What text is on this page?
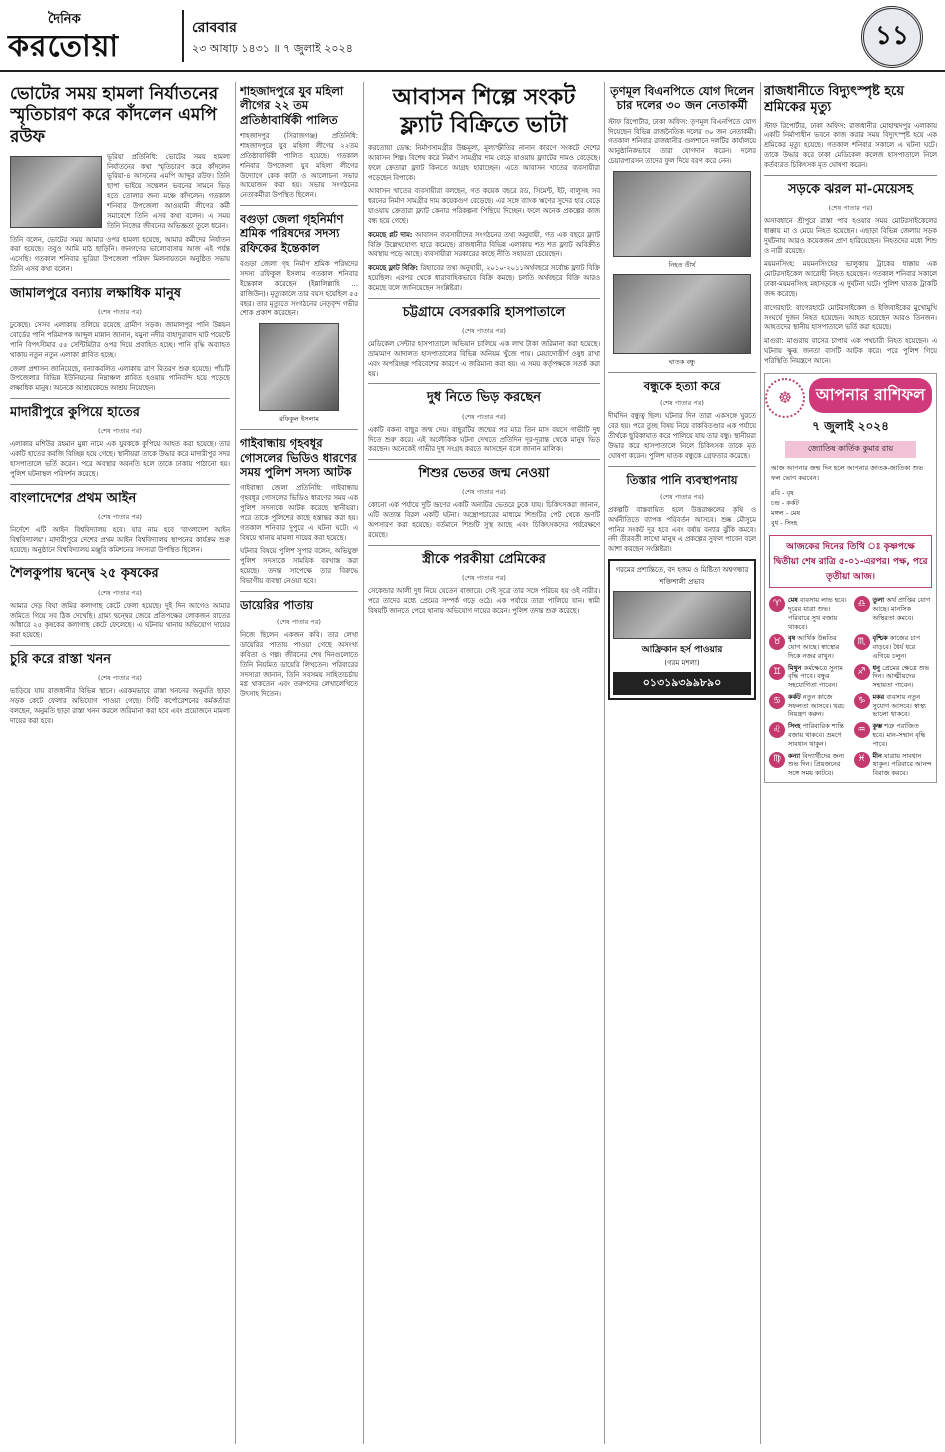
দৈনিক
করতোয়া
রোববার
২৩ আষাঢ় ১৪৩১ ॥ ৭ জুলাই ২০২৪	১১
ভোটের সময় হামলা নির্যাতনের স্মৃতিচারণ করে কাঁদলেন এমপি রউফ
ভূরিয়া প্রতিনিধি: ভোটের সময় হামলা নির্যাতনের কথা স্মৃতিচারণ করে কাঁদলেন ভূরিয়া-৪ আসনের এমপি আব্দুর রউফ। তিনি ছাপা ভাইয়ে সম্মেলন ভবনের সামনে ভিড় হতে তোলার জন্য মঞ্চে কাঁদলেন। গতকাল শনিবার উপজেলা আওয়ামী লীগের কর্মী সমাবেশে তিনি এসব কথা বলেন। এ সময় তিনি নিজের জীবনের অভিজ্ঞতা তুলে ধরেন।
তিনি বলেন, ভোটের সময় আমার ওপর হামলা হয়েছে, আমার কর্মীদের নির্যাতন করা হয়েছে। তবুও আমি মাঠ ছাড়িনি। জনগণের ভালোবাসায় আজ এই পর্যন্ত এসেছি। গতকাল শনিবার ভূরিয়া উপজেলা পরিষদ মিলনায়তনে অনুষ্ঠিত সভায় তিনি এসব কথা বলেন।
জামালপুরে বন্যায় লক্ষাধিক মানুষ
(শেষ পাতার পর)
ঢুকেছে। সেসব এলাকায় তলিয়ে রয়েছে গ্রামীণ সড়ক। জামালপুর পানি উন্নয়ন বোর্ডের পানি পরিমাপক আব্দুল মান্নান জানান, যমুনা নদীর বাহাদুরাবাদ ঘাট পয়েন্টে পানি বিপৎসীমার ৫৫ সেন্টিমিটার ওপর দিয়ে প্রবাহিত হচ্ছে। পানি বৃদ্ধি অব্যাহত থাকায় নতুন নতুন এলাকা প্লাবিত হচ্ছে।
জেলা প্রশাসন জানিয়েছে, বন্যাকবলিত এলাকায় ত্রাণ বিতরণ শুরু হয়েছে। পাঁচটি উপজেলার বিভিন্ন ইউনিয়নের নিম্নাঞ্চল প্লাবিত হওয়ায় পানিবন্দি হয়ে পড়েছে লক্ষাধিক মানুষ। অনেকে আশ্রয়কেন্দ্রে আশ্রয় নিয়েছেন।
মাদারীপুরে কুপিয়ে হাতের
(শেষ পাতার পর)
এলাকার মশিউর রহমান মুন্না নামে এক যুবককে কুপিয়ে আহত করা হয়েছে। তার একটি হাতের কবজি বিচ্ছিন্ন হয়ে গেছে। স্থানীয়রা তাকে উদ্ধার করে মাদারীপুর সদর হাসপাতালে ভর্তি করেন। পরে অবস্থার অবনতি হলে তাকে ঢাকায় পাঠানো হয়। পুলিশ ঘটনাস্থল পরিদর্শন করেছে।
বাংলাদেশের প্রথম আইন
(শেষ পাতার পর)
নির্দেশে এটি আইন বিশ্ববিদ্যালয় হবে। যার নাম হবে 'বাংলাদেশ আইন বিশ্ববিদ্যালয়'। মাদারীপুরে দেশের প্রথম আইন বিশ্ববিদ্যালয় স্থাপনের কার্যক্রম শুরু হয়েছে। অনুষ্ঠানে বিশ্ববিদ্যালয় মঞ্জুরি কমিশনের সদস্যরা উপস্থিত ছিলেন।
শৈলকুপায় দ্বন্দ্বে ২৫ কৃষকের
(শেষ পাতার পর)
আমার দেড় বিঘা জমির কলাগাছ কেটে ফেলা হয়েছে। দুই দিন আগেও আমার জমিতে গিয়ে সব ঠিক দেখেছি। গ্রাম্য দ্বন্দ্বের জেরে প্রতিপক্ষের লোকজন রাতের আঁধারে ২৫ কৃষকের কলাগাছ কেটে ফেলেছে। এ ঘটনায় থানায় অভিযোগ দায়ের করা হয়েছে।
চুরি করে রাস্তা খনন
(শেষ পাতার পর)
ভাড়িয়ে যায় রাজধানীর বিভিন্ন স্থানে। এরকমভাবে রাস্তা খননের অনুমতি ছাড়া সড়ক কেটে ফেলার অভিযোগ পাওয়া গেছে। সিটি কর্পোরেশনের কর্মকর্তারা বলছেন, অনুমতি ছাড়া রাস্তা খনন করলে জরিমানা করা হবে এবং প্রয়োজনে মামলা দায়ের করা হবে।
শাহজাদপুরে যুব মহিলা লীগের ২২ তম প্রতিষ্ঠাবার্ষিকী পালিত
শাহজাদপুর (সিরাজগঞ্জ) প্রতিনিধি: শাহজাদপুরে যুব মহিলা লীগের ২২তম প্রতিষ্ঠাবার্ষিকী পালিত হয়েছে। গতকাল শনিবার উপজেলা যুব মহিলা লীগের উদ্যোগে কেক কাটা ও আলোচনা সভার আয়োজন করা হয়। সভায় সংগঠনের নেতাকর্মীরা উপস্থিত ছিলেন।
বগুড়া জেলা গৃহনির্মাণ শ্রমিক পরিষদের সদস্য রফিকের ইন্তেকাল
বগুড়া জেলা গৃহ নির্মাণ শ্রমিক পরিষদের সদস্য রফিকুল ইসলাম গতকাল শনিবার ইন্তেকাল করেছেন (ইন্নালিল্লাহি ... রাজিউন)। মৃত্যুকালে তার বয়স হয়েছিল ৫৫ বছর। তার মৃত্যুতে সংগঠনের নেতৃবৃন্দ গভীর শোক প্রকাশ করেছেন।
রফিকুল ইসলাম
গাইবান্ধায় গৃহবধূর গোসলের ভিডিও ধারণের সময় পুলিশ সদস্য আটক
গাইবান্ধা জেলা প্রতিনিধি: গাইবান্ধায় গৃহবধূর গোসলের ভিডিও ধারণের সময় এক পুলিশ সদস্যকে আটক করেছে স্থানীয়রা। পরে তাকে পুলিশের কাছে হস্তান্তর করা হয়। গতকাল শনিবার দুপুরে এ ঘটনা ঘটে। এ বিষয়ে থানায় মামলা দায়ের করা হয়েছে।
ঘটনার বিষয়ে পুলিশ সুপার বলেন, অভিযুক্ত পুলিশ সদস্যকে সাময়িক বরখাস্ত করা হয়েছে। তদন্ত সাপেক্ষে তার বিরুদ্ধে বিভাগীয় ব্যবস্থা নেওয়া হবে।
ডায়েরির পাতায়
(শেষ পাতার পর)
নিজে ছিলেন একজন কবি। তার লেখা ডায়েরির পাতায় পাওয়া গেছে অসংখ্য কবিতা ও গল্প। জীবনের শেষ দিনগুলোতে তিনি নিয়মিত ডায়েরি লিখতেন। পরিবারের সদস্যরা জানান, তিনি সবসময় সাহিত্যচর্চায় মগ্ন থাকতেন এবং তরুণদের লেখালেখিতে উৎসাহ দিতেন।
আবাসন শিল্পে সংকট ফ্ল্যাট বিক্রিতে ভাটা
করতোয়া ডেস্ক: নির্মাণসামগ্রীর উচ্চমূল্য, মূল্যস্ফীতির নানান কারণে সংকটে দেশের আবাসন শিল্প। বিশেষ করে নির্মাণ সামগ্রীর দাম বেড়ে যাওয়ায় ফ্ল্যাটের দামও বেড়েছে। ফলে ক্রেতারা ফ্ল্যাট কিনতে আগ্রহ হারাচ্ছেন। এতে আবাসন খাতের ব্যবসায়ীরা পড়েছেন বিপাকে।
আবাসন খাতের ব্যবসায়ীরা বলছেন, গত কয়েক বছরে রড, সিমেন্ট, ইট, বালুসহ সব ধরনের নির্মাণ সামগ্রীর দাম কয়েকগুণ বেড়েছে। এর সঙ্গে ব্যাংক ঋণের সুদের হার বেড়ে যাওয়ায় ক্রেতারা ফ্ল্যাট কেনার পরিকল্পনা পিছিয়ে দিচ্ছেন। ফলে অনেক প্রকল্পের কাজ বন্ধ হয়ে গেছে।
কমেছে প্লট দাম: আবাসন ব্যবসায়ীদের সংগঠনের তথ্য অনুযায়ী, গত এক বছরে ফ্ল্যাট বিক্রি উল্লেখযোগ্য হারে কমেছে। রাজধানীর বিভিন্ন এলাকায় শত শত ফ্ল্যাট অবিক্রীত অবস্থায় পড়ে আছে। ব্যবসায়ীরা সরকারের কাছে নীতি সহায়তা চেয়েছেন।
কমেছে ফ্লাট বিক্রি: রিহ্যাবের তথ্য অনুযায়ী, ২০১০-২০১১অর্থবছরে সর্বোচ্চ ফ্ল্যাট বিক্রি হয়েছিল। এরপর থেকে ধারাবাহিকভাবে বিক্রি কমছে। চলতি অর্থবছরে বিক্রি আরও কমেছে বলে জানিয়েছেন সংশ্লিষ্টরা।
চট্টগ্রামে বেসরকারি হাসপাতালে
(শেষ পাতার পর)
মেডিকেল সেন্টার হাসপাতালে অভিযান চালিয়ে এক লাখ টাকা জরিমানা করা হয়েছে। ভ্রাম্যমাণ আদালত হাসপাতালের বিভিন্ন অনিয়ম খুঁজে পায়। মেয়াদোত্তীর্ণ ওষুধ রাখা এবং অপরিচ্ছন্ন পরিবেশের কারণে এ জরিমানা করা হয়। এ সময় কর্তৃপক্ষকে সতর্ক করা হয়।
দুধ নিতে ভিড় করছেন
(শেষ পাতার পর)
একটি বকনা বাছুর জন্ম দেয়। বাছুরটির জন্মের পর মাত্র তিন মাস বয়সে গাভীটি দুধ দিতে শুরু করে। এই অলৌকিক ঘটনা দেখতে প্রতিদিন দূর-দূরান্ত থেকে মানুষ ভিড় করছেন। অনেকেই গাভীর দুধ সংগ্রহ করতে আসছেন বলে জানান মালিক।
শিশুর ভেতর জন্ম নেওয়া
(শেষ পাতার পর)
কোনো এক পর্যায়ে দুটি ভ্রূণের একটি অন্যটির ভেতরে ঢুকে যায়। চিকিৎসকরা জানান, এটি অত্যন্ত বিরল একটি ঘটনা। অস্ত্রোপচারের মাধ্যমে শিশুটির পেট থেকে ভ্রূণটি অপসারণ করা হয়েছে। বর্তমানে শিশুটি সুস্থ আছে এবং চিকিৎসকদের পর্যবেক্ষণে রয়েছে।
স্ত্রীকে পরকীয়া প্রেমিকের
(শেষ পাতার পর)
সেকেন্ডার আলী দুধ নিয়ে যেতেন বাজারে। সেই সূত্রে তার সঙ্গে পরিচয় হয় ওই নারীর। পরে তাদের মধ্যে প্রেমের সম্পর্ক গড়ে ওঠে। এক পর্যায়ে তারা পালিয়ে যান। স্বামী বিষয়টি জানতে পেরে থানায় অভিযোগ দায়ের করেন। পুলিশ তদন্ত শুরু করেছে।
তৃণমূল বিএনপিতে যোগ দিলেন চার দলের ৩০ জন নেতাকর্মী
স্টাফ রিপোর্টার, ঢাকা অফিস: তৃণমূল বিএনপিতে যোগ দিয়েছেন বিভিন্ন রাজনৈতিক দলের ৩০ জন নেতাকর্মী। গতকাল শনিবার রাজধানীর গুলশানে দলটির কার্যালয়ে আনুষ্ঠানিকভাবে তারা যোগদান করেন। দলের চেয়ারপারসন তাদের ফুল দিয়ে বরণ করে নেন।
নিহত তীর্থ
ঘাতক বন্ধু
বন্ধুকে হত্যা করে
(শেষ পাতার পর)
দীর্ঘদিন বন্ধুত্ব ছিল। ঘটনার দিন তারা একসঙ্গে ঘুরতে বের হয়। পরে তুচ্ছ বিষয় নিয়ে বাকবিতণ্ডার এক পর্যায়ে তীর্থকে ছুরিকাঘাত করে পালিয়ে যায় তার বন্ধু। স্থানীয়রা উদ্ধার করে হাসপাতালে নিলে চিকিৎসক তাকে মৃত ঘোষণা করেন। পুলিশ ঘাতক বন্ধুকে গ্রেফতার করেছে।
তিস্তার পানি ব্যবস্থাপনায়
(শেষ পাতার পর)
প্রকল্পটি বাস্তবায়িত হলে উত্তরাঞ্চলের কৃষি ও অর্থনীতিতে ব্যাপক পরিবর্তন আসবে। শুষ্ক মৌসুমে পানির সংকট দূর হবে এবং বর্ষায় বন্যার ঝুঁকি কমবে। নদী তীরবর্তী লাখো মানুষ এ প্রকল্পের সুফল পাবেন বলে আশা করছেন সংশ্লিষ্টরা।
গরমের প্রশান্তিতে, বদ হজম ও মিষ্টিতা অশ্বগন্ধার শক্তিশালী প্রভাব
আফ্রিকান হর্স পাওয়ার
(গরম মশলা)
০১৩১৯৩৯৯৮৯০
রাজধানীতে বিদ্যুৎস্পৃষ্ট হয়ে শ্রমিকের মৃত্যু
স্টাফ রিপোর্টার, ঢাকা অফিস: রাজধানীর মোহাম্মদপুর এলাকায় একটি নির্মাণাধীন ভবনে কাজ করার সময় বিদ্যুৎস্পৃষ্ট হয়ে এক শ্রমিকের মৃত্যু হয়েছে। গতকাল শনিবার সকালে এ ঘটনা ঘটে। তাকে উদ্ধার করে ঢাকা মেডিকেল কলেজ হাসপাতালে নিলে কর্তব্যরত চিকিৎসক মৃত ঘোষণা করেন।
সড়কে ঝরল মা-মেয়েসহ
(শেষ পাতার পর)
অসাবধানে শ্রীপুরে রাস্তা পার হওয়ার সময় মোটরসাইকেলের ধাক্কায় মা ও মেয়ে নিহত হয়েছেন। এছাড়া বিভিন্ন জেলায় সড়ক দুর্ঘটনায় আরও কয়েকজন প্রাণ হারিয়েছেন। নিহতদের মধ্যে শিশু ও নারী রয়েছে।
ময়মনসিংহ: ময়মনসিংহের ভালুকায় ট্রাকের ধাক্কায় এক মোটরসাইকেল আরোহী নিহত হয়েছেন। গতকাল শনিবার সকালে ঢাকা-ময়মনসিংহ মহাসড়কে এ দুর্ঘটনা ঘটে। পুলিশ ঘাতক ট্রাকটি জব্দ করেছে।
বাগেরহাট: বাগেরহাটে মোটরসাইকেল ও ইজিবাইকের মুখোমুখি সংঘর্ষে দুজন নিহত হয়েছেন। আহত হয়েছেন আরও তিনজন। আহতদের স্থানীয় হাসপাতালে ভর্তি করা হয়েছে।
মাগুরা: মাগুরায় বাসের চাপায় এক পথচারী নিহত হয়েছেন। এ ঘটনায় ক্ষুব্ধ জনতা বাসটি আটক করে। পরে পুলিশ গিয়ে পরিস্থিতি নিয়ন্ত্রণে আনে।
☸	আপনার রাশিফল
৭ জুলাই ২০২৪
জ্যোতিষ কার্তিক কুমার রায়
আজ আপনার জন্ম দিন হলে আপনার জাতক-জাতিকা শুভ ফল ভোগ করবেন।
রবি - বৃষ
চন্দ্র - কর্কট
মঙ্গল - মেষ
বুধ - সিংহ
আজকের দিনের তিথি ঃ কৃষ্ণপক্ষে দ্বিতীয়া শেষ রাত্রি ৫-০১-এরপর। পক্ষ, পরে তৃতীয়া আজ।
♈	মেষ ব্যবসায় লাভ হবে। দূরের যাত্রা শুভ। পরিবারে সুখ বজায় থাকবে।
♎	তুলা অর্থ প্রাপ্তির যোগ আছে। মানসিক অস্থিরতা কমবে।
♉	বৃষ আর্থিক উন্নতির যোগ আছে। স্বাস্থ্যের দিকে নজর রাখুন।
♏	বৃশ্চিক কাজের চাপ বাড়বে। ধৈর্য ধরে এগিয়ে চলুন।
♊	মিথুন কর্মক্ষেত্রে সুনাম বৃদ্ধি পাবে। বন্ধুর সহযোগিতা পাবেন।
♐	ধনু প্রেমের ক্ষেত্রে শুভ দিন। আত্মীয়দের সহায়তা পাবেন।
♋	কর্কট নতুন কাজে সফলতা আসবে। খরচ নিয়ন্ত্রণ করুন।
♑	মকর ব্যবসায় নতুন সুযোগ আসবে। স্বাস্থ্য ভালো থাকবে।
♌	সিংহ পারিবারিক শান্তি বজায় থাকবে। ভ্রমণে সাবধান থাকুন।
♒	কুম্ভ শত্রু পরাজিত হবে। মান-সম্মান বৃদ্ধি পাবে।
♍	কন্যা বিদ্যার্থীদের জন্য শুভ দিন। প্রিয়জনের সঙ্গে সময় কাটবে।
♓	মীন যাত্রায় সাবধান থাকুন। পরিবারে আনন্দ বিরাজ করবে।
